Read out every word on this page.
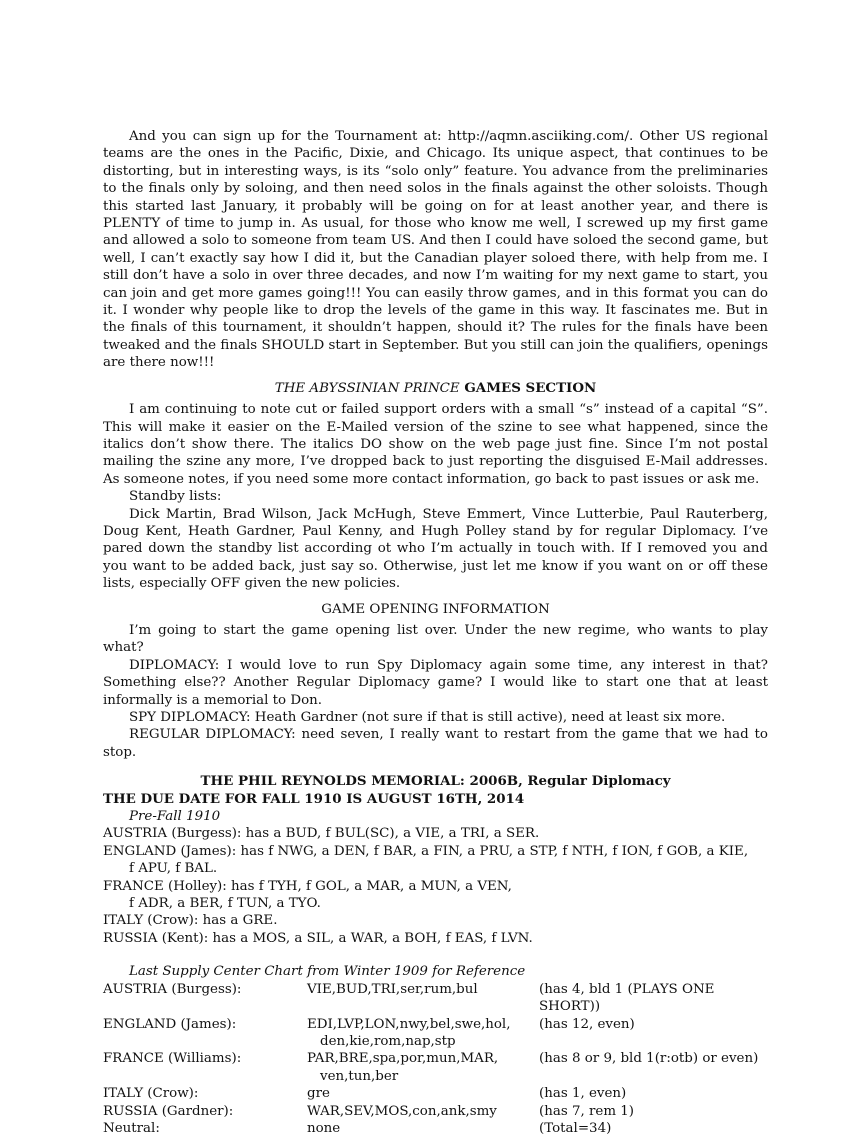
And you can sign up for the Tournament at: http://aqmn.asciiking.com/. Other US regional teams are the ones in the Pacific, Dixie, and Chicago. Its unique aspect, that continues to be distorting, but in interesting ways, is its “solo only” feature. You advance from the preliminaries to the finals only by soloing, and then need solos in the finals against the other soloists. Though this started last January, it probably will be going on for at least another year, and there is PLENTY of time to jump in. As usual, for those who know me well, I screwed up my first game and allowed a solo to someone from team US. And then I could have soloed the second game, but well, I can’t exactly say how I did it, but the Canadian player soloed there, with help from me. I still don’t have a solo in over three decades, and now I’m waiting for my next game to start, you can join and get more games going!!! You can easily throw games, and in this format you can do it. I wonder why people like to drop the levels of the game in this way. It fascinates me. But in the finals of this tournament, it shouldn’t happen, should it? The rules for the finals have been tweaked and the finals SHOULD start in September. But you still can join the qualifiers, openings are there now!!!

THE ABYSSINIAN PRINCE GAMES SECTION

I am continuing to note cut or failed support orders with a small “s” instead of a capital “S”. This will make it easier on the E-Mailed version of the szine to see what happened, since the italics don’t show there. The italics DO show on the web page just fine. Since I’m not postal mailing the szine any more, I’ve dropped back to just reporting the disguised E-Mail addresses. As someone notes, if you need some more contact information, go back to past issues or ask me.

Standby lists:

Dick Martin, Brad Wilson, Jack McHugh, Steve Emmert, Vince Lutterbie, Paul Rauterberg, Doug Kent, Heath Gardner, Paul Kenny, and Hugh Polley stand by for regular Diplomacy. I’ve pared down the standby list according ot who I’m actually in touch with. If I removed you and you want to be added back, just say so. Otherwise, just let me know if you want on or off these lists, especially OFF given the new policies.

GAME OPENING INFORMATION

I’m going to start the game opening list over. Under the new regime, who wants to play what?

DIPLOMACY: I would love to run Spy Diplomacy again some time, any interest in that? Something else?? Another Regular Diplomacy game? I would like to start one that at least informally is a memorial to Don.

SPY DIPLOMACY: Heath Gardner (not sure if that is still active), need at least six more.

REGULAR DIPLOMACY: need seven, I really want to restart from the game that we had to stop.

THE PHIL REYNOLDS MEMORIAL: 2006B, Regular Diplomacy

THE DUE DATE FOR FALL 1910 IS AUGUST 16TH, 2014

Pre-Fall 1910

AUSTRIA (Burgess): has a BUD, f BUL(SC), a VIE, a TRI, a SER.

ENGLAND (James): has f NWG, a DEN, f BAR, a FIN, a PRU, a STP, f NTH, f ION, f GOB, a KIE,

f APU, f BAL.

FRANCE (Holley): has f TYH, f GOL, a MAR, a MUN, a VEN,

f ADR, a BER, f TUN, a TYO.

ITALY (Crow): has a GRE.

RUSSIA (Kent): has a MOS, a SIL, a WAR, a BOH, f EAS, f LVN.

Last Supply Center Chart from Winter 1909 for Reference

AUSTRIA (Burgess):	VIE,BUD,TRI,ser,rum,bul	(has 4, bld 1 (PLAYS ONE SHORT))
ENGLAND (James):	EDI,LVP,LON,nwy,bel,swe,hol,
den,kie,rom,nap,stp	(has 12, even)
FRANCE (Williams):	PAR,BRE,spa,por,mun,MAR,
ven,tun,ber	(has 8 or 9, bld 1(r:otb) or even)
ITALY (Crow):	gre	(has 1, even)
RUSSIA (Gardner):	WAR,SEV,MOS,con,ank,smy	(has 7, rem 1)
Neutral:	none	(Total=34)
